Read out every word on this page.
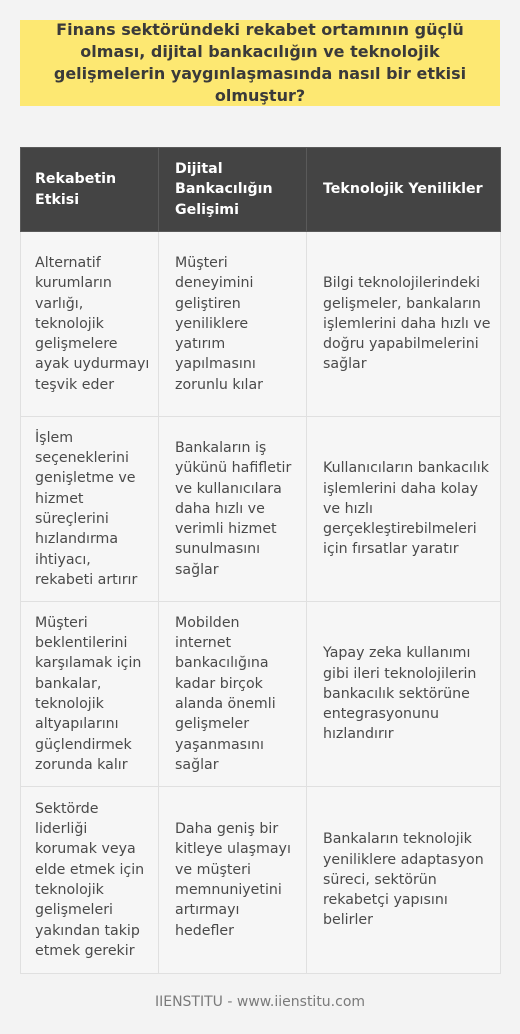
Finans sektöründeki rekabet ortamının güçlü olması, dijital bankacılığın ve teknolojik gelişmelerin yaygınlaşmasında nasıl bir etkisi olmuştur?
Rekabetin Etkisi	Dijital Bankacılığın Gelişimi	Teknolojik Yenilikler
Alternatif kurumların varlığı, teknolojik gelişmelere ayak uydurmayı teşvik eder	Müşteri deneyimini geliştiren yeniliklere yatırım yapılmasını zorunlu kılar	Bilgi teknolojilerindeki gelişmeler, bankaların işlemlerini daha hızlı ve doğru yapabilmelerini sağlar
İşlem seçeneklerini genişletme ve hizmet süreçlerini hızlandırma ihtiyacı, rekabeti artırır	Bankaların iş yükünü hafifletir ve kullanıcılara daha hızlı ve verimli hizmet sunulmasını sağlar	Kullanıcıların bankacılık işlemlerini daha kolay ve hızlı gerçekleştirebilmeleri için fırsatlar yaratır
Müşteri beklentilerini karşılamak için bankalar, teknolojik altyapılarını güçlendirmek zorunda kalır	Mobilden internet bankacılığına kadar birçok alanda önemli gelişmeler yaşanmasını sağlar	Yapay zeka kullanımı gibi ileri teknolojilerin bankacılık sektörüne entegrasyonunu hızlandırır
Sektörde liderliği korumak veya elde etmek için teknolojik gelişmeleri yakından takip etmek gerekir	Daha geniş bir kitleye ulaşmayı ve müşteri memnuniyetini artırmayı hedefler	Bankaların teknolojik yeniliklere adaptasyon süreci, sektörün rekabetçi yapısını belirler
IIENSTITU - www.iienstitu.com
